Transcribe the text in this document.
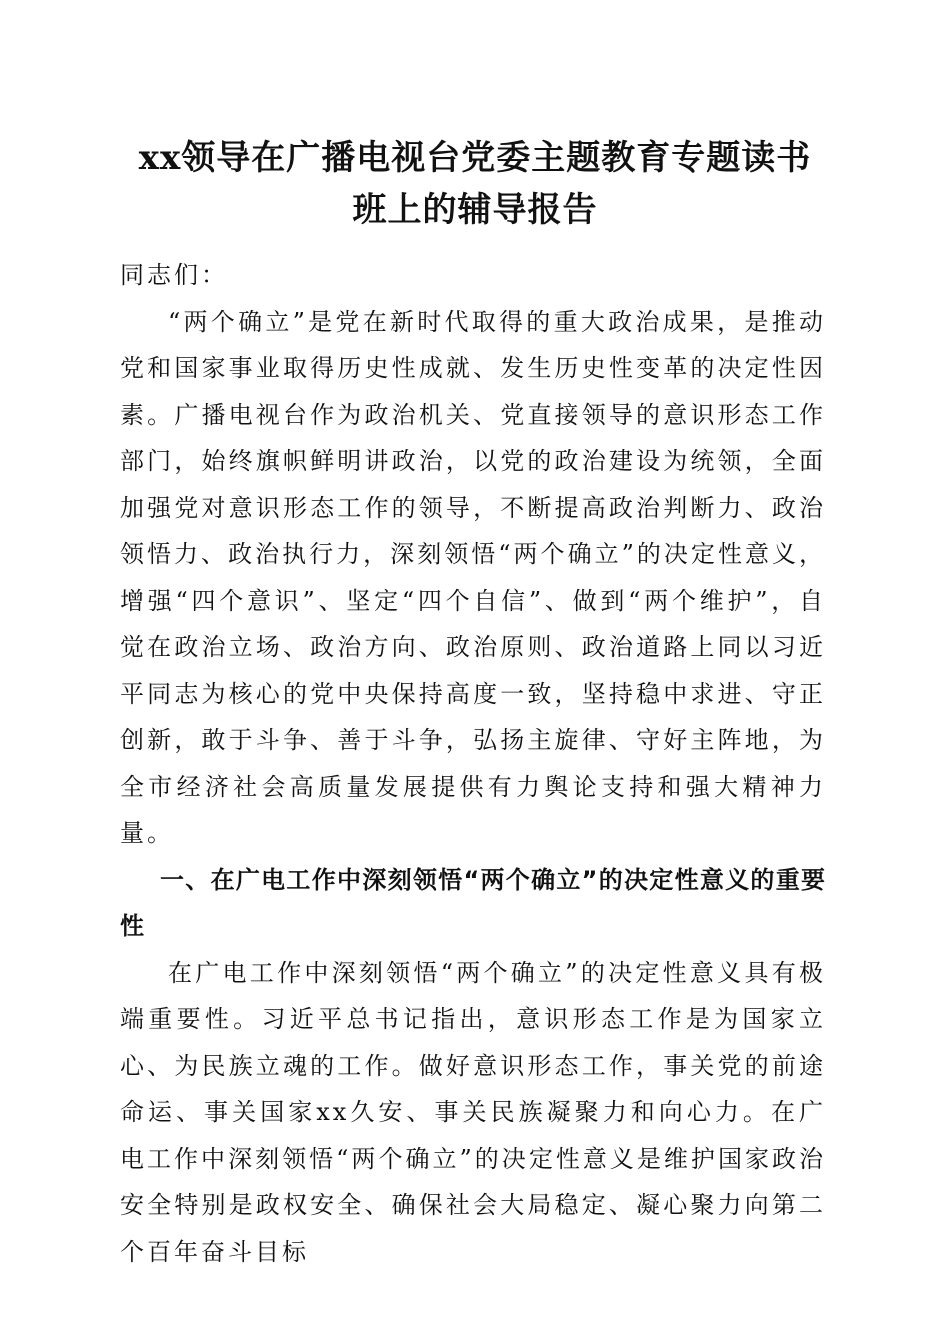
xx领导在广播电视台党委主题教育专题读书
班上的辅导报告

同志们：

“两个确立”是党在新时代取得的重大政治成果，是推动党和国家事业取得历史性成就、发生历史性变革的决定性因素。广播电视台作为政治机关、党直接领导的意识形态工作部门，始终旗帜鲜明讲政治，以党的政治建设为统领，全面加强党对意识形态工作的领导，不断提高政治判断力、政治领悟力、政治执行力，深刻领悟“两个确立”的决定性意义，增强“四个意识”、坚定“四个自信”、做到“两个维护”，自觉在政治立场、政治方向、政治原则、政治道路上同以习近平同志为核心的党中央保持高度一致，坚持稳中求进、守正创新，敢于斗争、善于斗争，弘扬主旋律、守好主阵地，为全市经济社会高质量发展提供有力舆论支持和强大精神力量。

一、在广电工作中深刻领悟“两个确立”的决定性意义的重要性

在广电工作中深刻领悟“两个确立”的决定性意义具有极端重要性。习近平总书记指出，意识形态工作是为国家立心、为民族立魂的工作。做好意识形态工作，事关党的前途命运、事关国家xx久安、事关民族凝聚力和向心力。在广电工作中深刻领悟“两个确立”的决定性意义是维护国家政治安全特别是政权安全、确保社会大局稳定、凝心聚力向第二个百年奋斗目标
